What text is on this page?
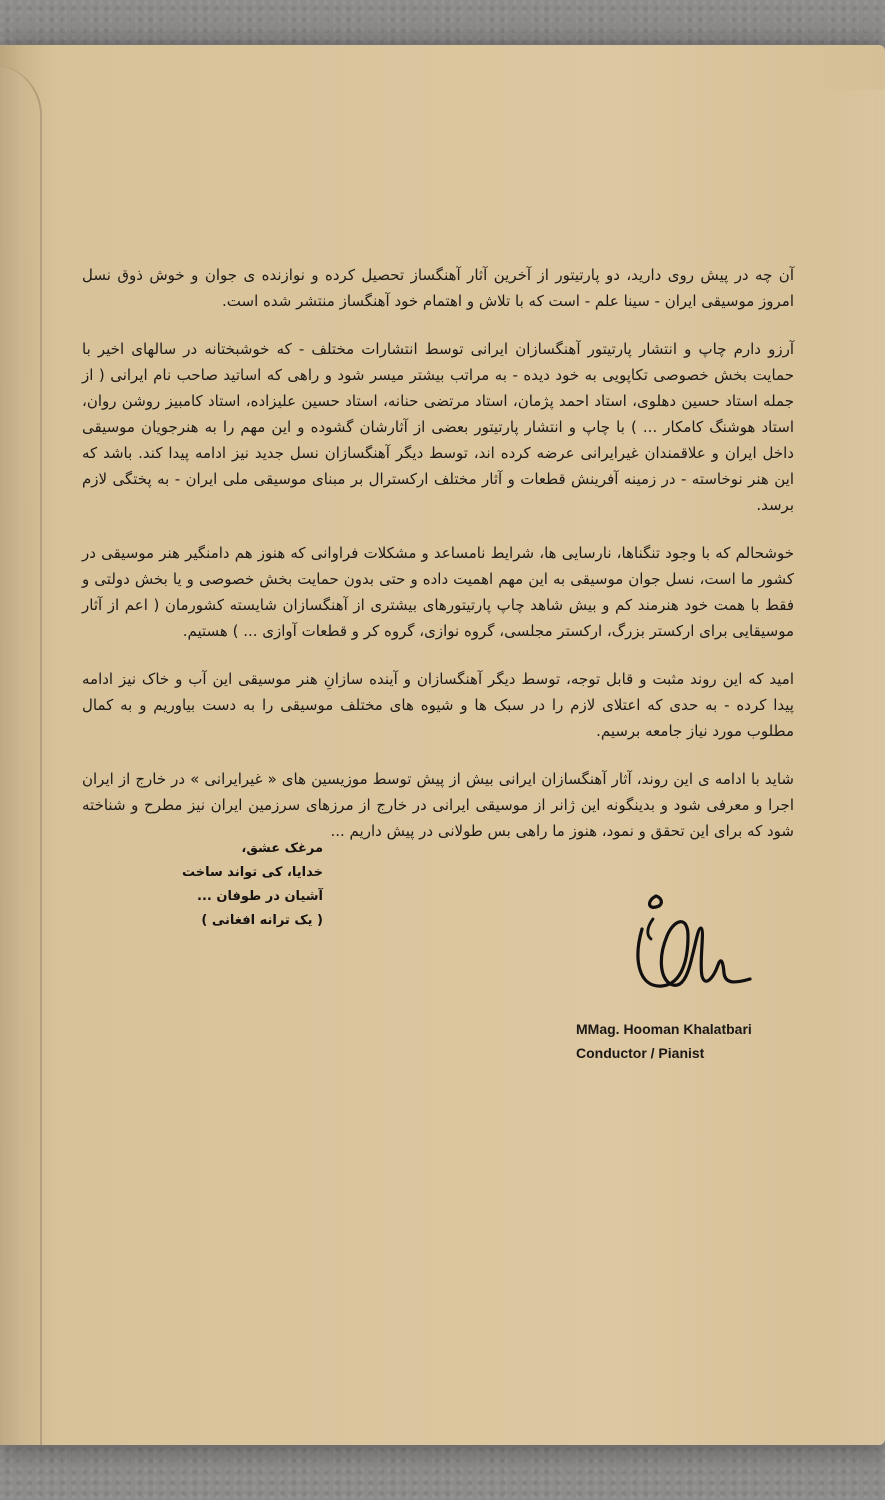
آن چه در پیش روی دارید، دو پارتیتور از آخرین آثار آهنگساز تحصیل کرده و نوازنده ی جوان و خوش ذوق نسل امروز موسیقی ایران - سینا علم - است که با تلاش و اهتمام خود آهنگساز منتشر شده است.

آرزو دارم چاپ و انتشار پارتیتور آهنگسازان ایرانی توسط انتشارات مختلف - که خوشبختانه در سالهای اخیر با حمایت بخش خصوصی تکاپویی به خود دیده - به مراتب بیشتر میسر شود و راهی که اساتید صاحب نام ایرانی ( از جمله استاد حسین دهلوی، استاد احمد پژمان، استاد مرتضی حنانه، استاد حسین علیزاده، استاد کامبیز روشن روان، استاد هوشنگ کامکار ... ) با چاپ و انتشار پارتیتور بعضی از آثارشان گشوده و این مهم را به هنرجویان موسیقی داخل ایران و علاقمندان غیرایرانی عرضه کرده اند، توسط دیگر آهنگسازان نسل جدید نیز ادامه پیدا کند. باشد که این هنر نوخاسته - در زمینه آفرینش قطعات و آثار مختلف ارکسترال بر مبنای موسیقی ملی ایران - به پختگی لازم برسد.

خوشحالم که با وجود تنگناها، نارسایی ها، شرایط نامساعد و مشکلات فراوانی که هنوز هم دامنگیر هنر موسیقی در کشور ما است، نسل جوان موسیقی به این مهم اهمیت داده و حتی بدون حمایت بخش خصوصی و یا بخش دولتی و فقط با همت خود هنرمند کم و بیش شاهد چاپ پارتیتورهای بیشتری از آهنگسازان شایسته کشورمان ( اعم از آثار موسیقایی برای ارکستر بزرگ، ارکستر مجلسی، گروه نوازی، گروه کر و قطعات آوازی ... ) هستیم.

امید که این روند مثبت و قابل توجه، توسط دیگر آهنگسازان و آینده سازانِ هنر موسیقی این آب و خاک نیز ادامه پیدا کرده - به حدی که اعتلای لازم را در سبک ها و شیوه های مختلف موسیقی را به دست بیاوریم و به کمال مطلوب مورد نیاز جامعه برسیم.

شاید با ادامه ی این روند، آثار آهنگسازان ایرانی بیش از پیش توسط موزیسین های « غیرایرانی » در خارج از ایران اجرا و معرفی شود و بدینگونه این ژانر از موسیقی ایرانی در خارج از مرزهای سرزمین ایران نیز مطرح و شناخته شود که برای این تحقق و نمود، هنوز ما راهی بس طولانی در پیش داریم ...

مرغک عشق،
خدایا، کی تواند ساخت
آشیان در طوفان ...
( یک ترانه افغانی )
MMag. Hooman Khalatbari
Conductor / Pianist
